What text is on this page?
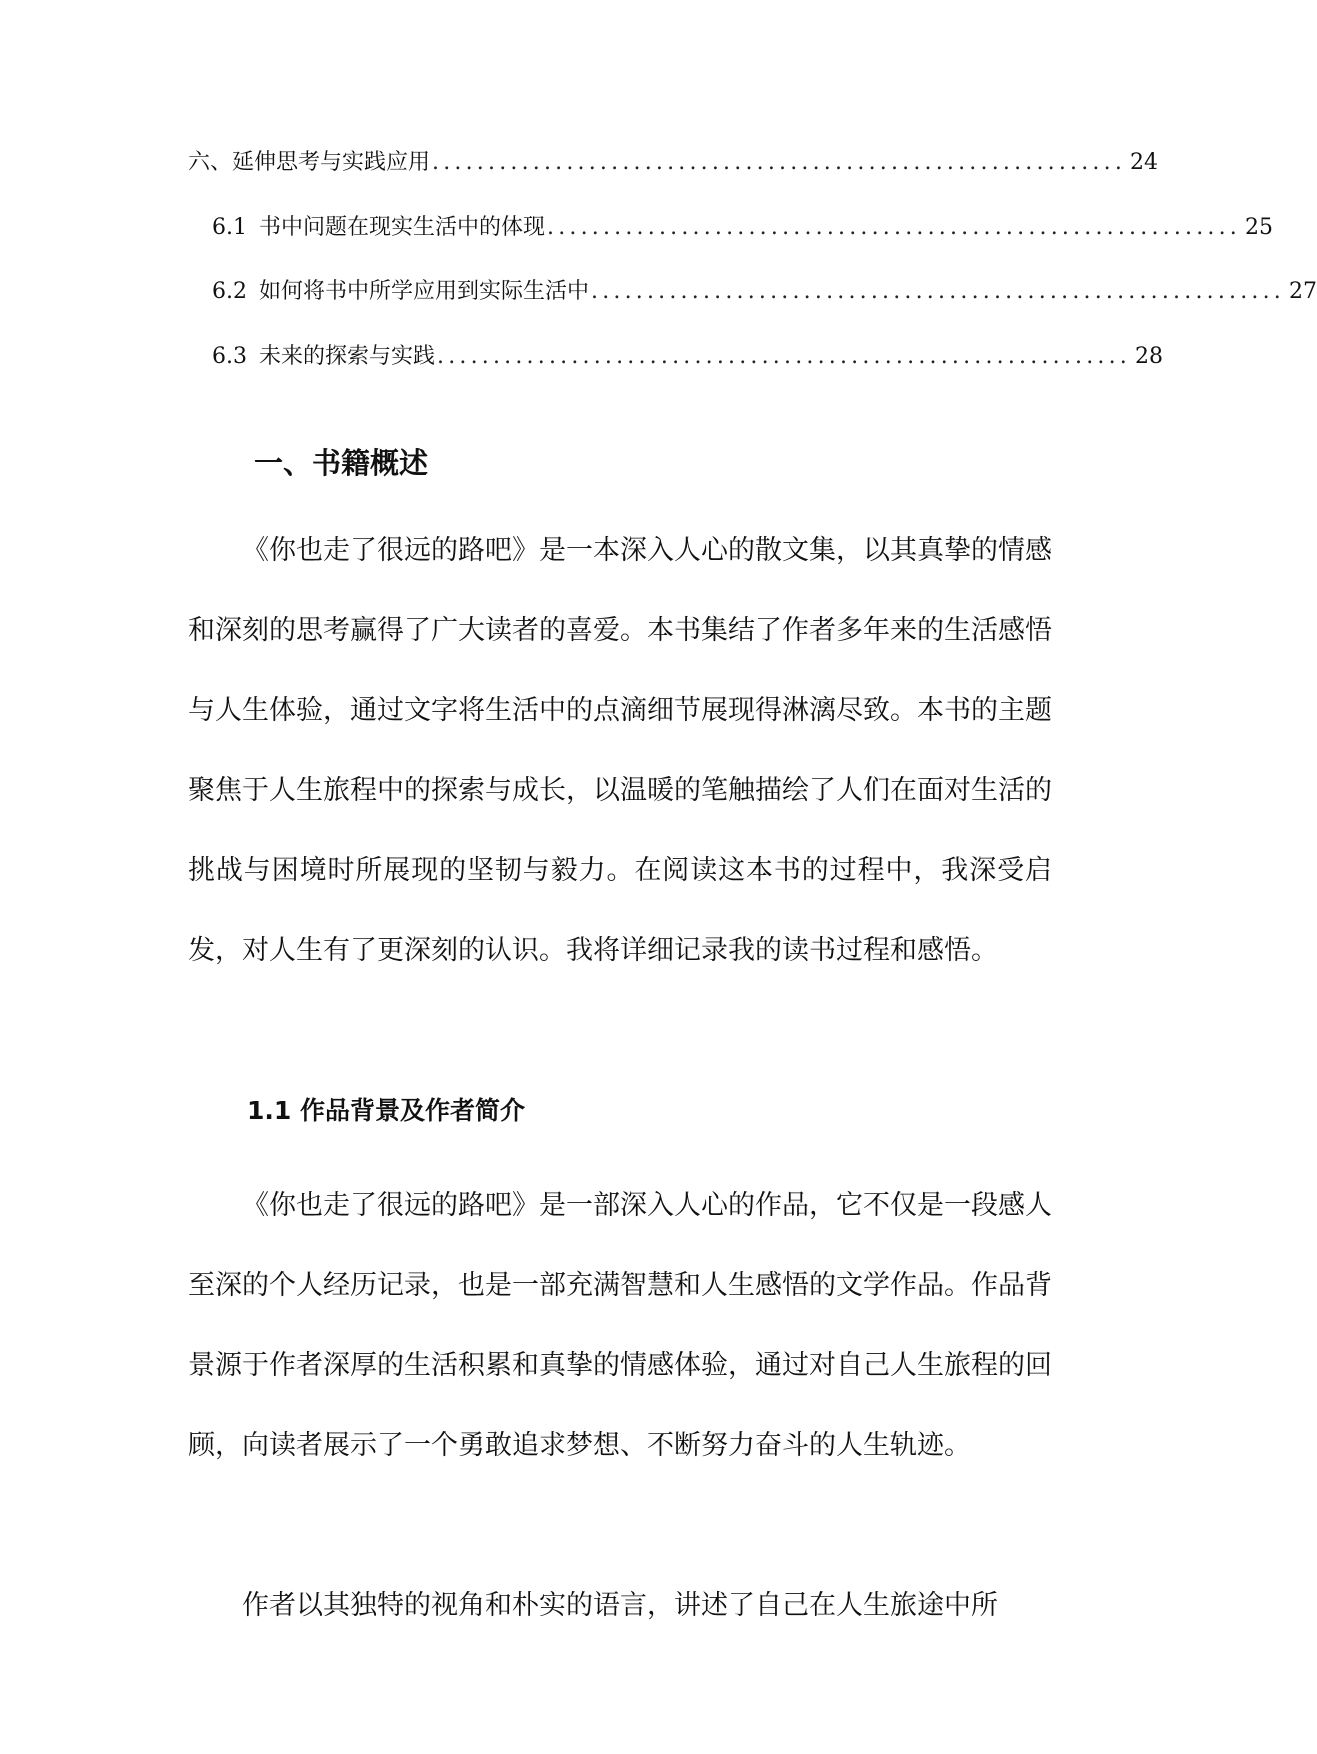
六、延伸思考与实践应用 .............................................................. 24
6.1 书中问题在现实生活中的体现 .............................................................. 25
6.2 如何将书中所学应用到实际生活中 .............................................................. 27
6.3 未来的探索与实践 .............................................................. 28
一、书籍概述

《你也走了很远的路吧》是一本深入人心的散文集，以其真挚的情感和深刻的思考赢得了广大读者的喜爱。本书集结了作者多年来的生活感悟与人生体验，通过文字将生活中的点滴细节展现得淋漓尽致。本书的主题聚焦于人生旅程中的探索与成长，以温暖的笔触描绘了人们在面对生活的挑战与困境时所展现的坚韧与毅力。在阅读这本书的过程中，我深受启发，对人生有了更深刻的认识。我将详细记录我的读书过程和感悟。

1.1 作品背景及作者简介

《你也走了很远的路吧》是一部深入人心的作品，它不仅是一段感人至深的个人经历记录，也是一部充满智慧和人生感悟的文学作品。作品背景源于作者深厚的生活积累和真挚的情感体验，通过对自己人生旅程的回顾，向读者展示了一个勇敢追求梦想、不断努力奋斗的人生轨迹。

作者以其独特的视角和朴实的语言，讲述了自己在人生旅途中所
